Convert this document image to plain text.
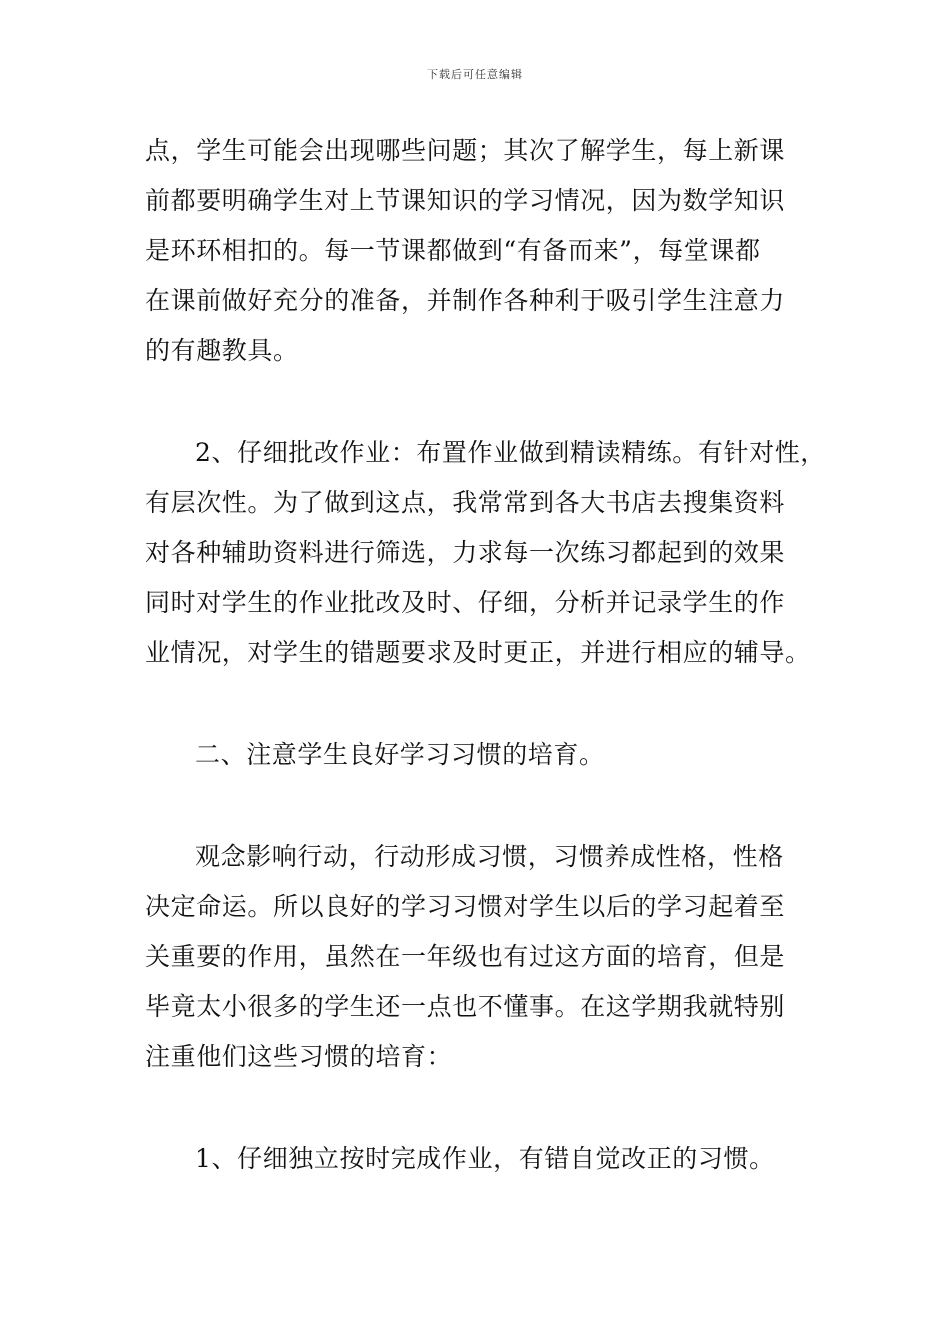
下载后可任意编辑
点，学生可能会出现哪些问题；其次了解学生，每上新课
前都要明确学生对上节课知识的学习情况，因为数学知识
是环环相扣的。每一节课都做到“有备而来”，每堂课都
在课前做好充分的准备，并制作各种利于吸引学生注意力
的有趣教具。
2、仔细批改作业：布置作业做到精读精练。有针对性，
有层次性。为了做到这点，我常常到各大书店去搜集资料
对各种辅助资料进行筛选，力求每一次练习都起到的效果
同时对学生的作业批改及时、仔细，分析并记录学生的作
业情况，对学生的错题要求及时更正，并进行相应的辅导。
二、注意学生良好学习习惯的培育。
观念影响行动，行动形成习惯，习惯养成性格，性格
决定命运。所以良好的学习习惯对学生以后的学习起着至
关重要的作用，虽然在一年级也有过这方面的培育，但是
毕竟太小很多的学生还一点也不懂事。在这学期我就特别
注重他们这些习惯的培育：
1、仔细独立按时完成作业，有错自觉改正的习惯。
